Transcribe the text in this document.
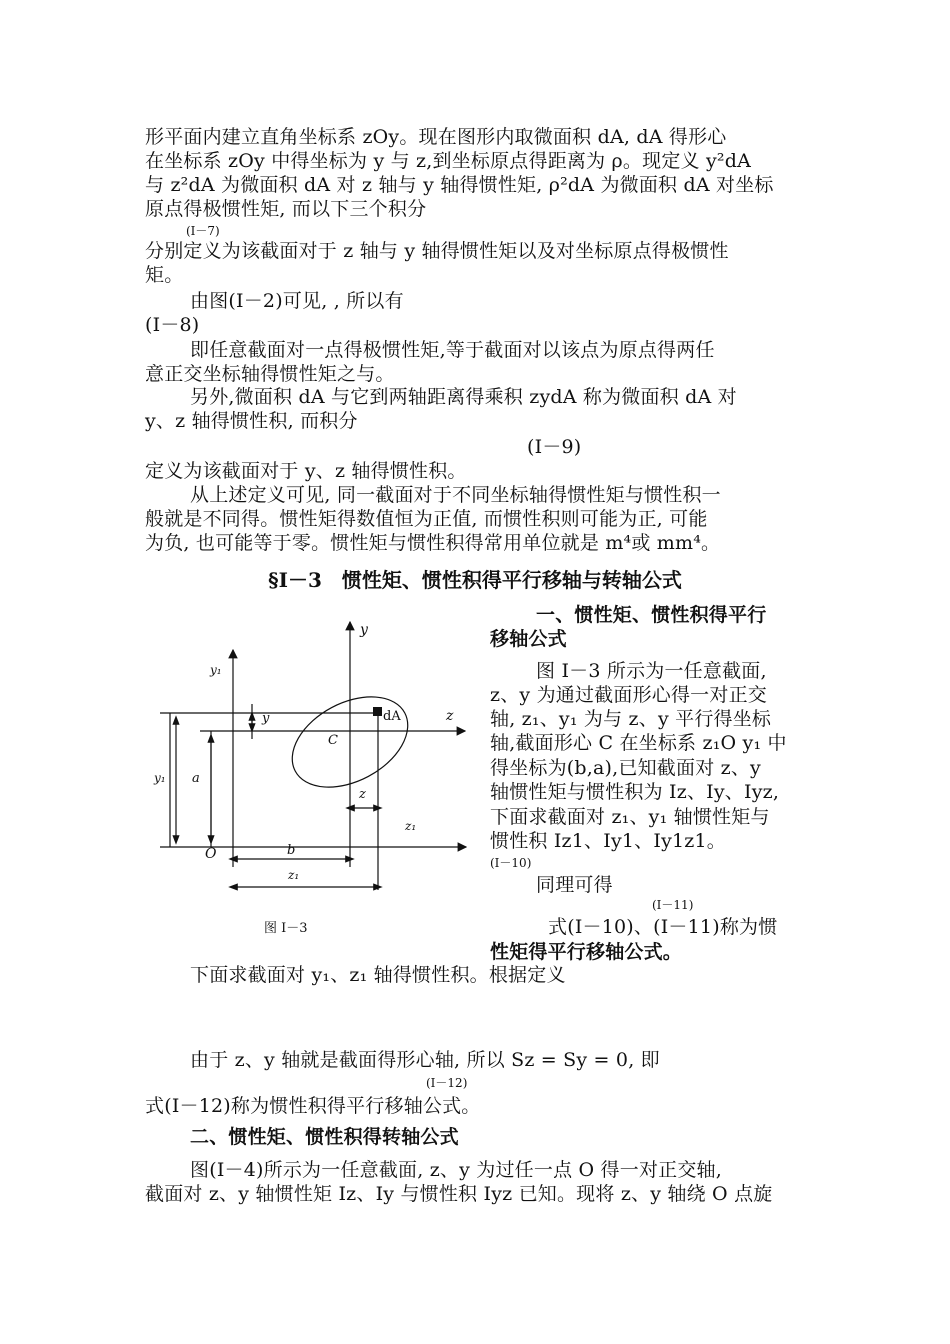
形平面内建立直角坐标系 zOy。现在图形内取微面积 dA, dA 得形心
在坐标系 zOy 中得坐标为 y 与 z,到坐标原点得距离为 ρ。现定义 y²dA
与 z²dA 为微面积 dA 对 z 轴与 y 轴得惯性矩, ρ²dA 为微面积 dA 对坐标
原点得极惯性矩, 而以下三个积分
(I－7)
分别定义为该截面对于 z 轴与 y 轴得惯性矩以及对坐标原点得极惯性
矩。
由图(I－2)可见, , 所以有
(I－8)
即任意截面对一点得极惯性矩,等于截面对以该点为原点得两任
意正交坐标轴得惯性矩之与。
另外,微面积 dA 与它到两轴距离得乘积 zydA 称为微面积 dA 对
y、z 轴得惯性积, 而积分
(I－9)
定义为该截面对于 y、z 轴得惯性积。
从上述定义可见, 同一截面对于不同坐标轴得惯性矩与惯性积一
般就是不同得。惯性矩得数值恒为正值, 而惯性积则可能为正, 可能
为负, 也可能等于零。惯性矩与惯性积得常用单位就是 m⁴或 mm⁴。
§I－3　惯性矩、惯性积得平行移轴与转轴公式
一、惯性矩、惯性积得平行
移轴公式
图 I－3 所示为一任意截面,
z、y 为通过截面形心得一对正交
轴, z₁、y₁ 为与 z、y 平行得坐标
轴,截面形心 C 在坐标系 z₁O y₁ 中
得坐标为(b,a),已知截面对 z、y
轴惯性矩与惯性积为 Iz、Iy、Iyz,
下面求截面对 z₁、y₁ 轴惯性矩与
惯性积 Iz1、Iy1、Iy1z1。
(I－10)
同理可得
(I－11)
式(I－10)、(I－11)称为惯
性矩得平行移轴公式。
y
y₁
z
z₁
O
C
dA
y
y₁ a
b
z
z₁
图 I－3
下面求截面对 y₁、z₁ 轴得惯性积。根据定义
由于 z、y 轴就是截面得形心轴, 所以 Sz = Sy = 0, 即
(I－12)
式(I－12)称为惯性积得平行移轴公式。
二、惯性矩、惯性积得转轴公式
图(I－4)所示为一任意截面, z、y 为过任一点 O 得一对正交轴,
截面对 z、y 轴惯性矩 Iz、Iy 与惯性积 Iyz 已知。现将 z、y 轴绕 O 点旋
